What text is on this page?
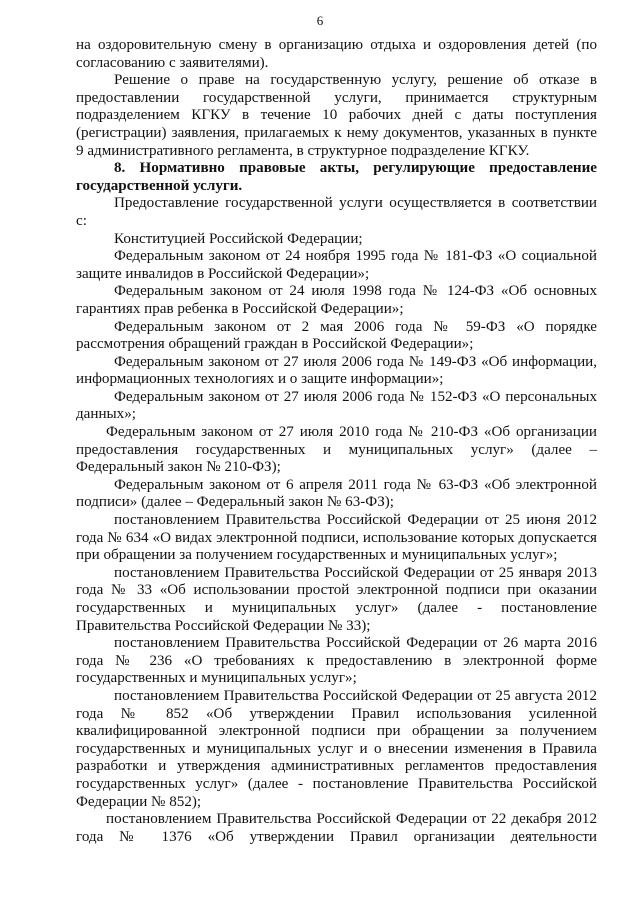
6

на оздоровительную смену в организацию отдыха и оздоровления детей (по согласованию с заявителями).

Решение о праве на государственную услугу, решение об отказе в предоставлении государственной услуги, принимается структурным подразделением КГКУ в течение 10 рабочих дней с даты поступления (регистрации) заявления, прилагаемых к нему документов, указанных в пункте 9 административного регламента, в структурное подразделение КГКУ.

8. Нормативно правовые акты, регулирующие предоставление государственной услуги.

Предоставление государственной услуги осуществляется в соответствии с:

Конституцией Российской Федерации;

Федеральным законом от 24 ноября 1995 года № 181-ФЗ «О социальной защите инвалидов в Российской Федерации»;

Федеральным законом от 24 июля 1998 года № 124-ФЗ «Об основных гарантиях прав ребенка в Российской Федерации»;

Федеральным законом от 2 мая 2006 года № 59-ФЗ «О порядке рассмотрения обращений граждан в Российской Федерации»;

Федеральным законом от 27 июля 2006 года № 149-ФЗ «Об информации, информационных технологиях и о защите информации»;

Федеральным законом от 27 июля 2006 года № 152-ФЗ «О персональных данных»;

Федеральным законом от 27 июля 2010 года № 210-ФЗ «Об организации предоставления государственных и муниципальных услуг» (далее – Федеральный закон № 210-ФЗ);

Федеральным законом от 6 апреля 2011 года № 63-ФЗ «Об электронной подписи» (далее – Федеральный закон № 63-ФЗ);

постановлением Правительства Российской Федерации от 25 июня 2012 года № 634 «О видах электронной подписи, использование которых допускается при обращении за получением государственных и муниципальных услуг»;

постановлением Правительства Российской Федерации от 25 января 2013 года № 33 «Об использовании простой электронной подписи при оказании государственных и муниципальных услуг» (далее - постановление Правительства Российской Федерации № 33);

постановлением Правительства Российской Федерации от 26 марта 2016 года № 236 «О требованиях к предоставлению в электронной форме государственных и муниципальных услуг»;

постановлением Правительства Российской Федерации от 25 августа 2012 года № 852 «Об утверждении Правил использования усиленной квалифицированной электронной подписи при обращении за получением государственных и муниципальных услуг и о внесении изменения в Правила разработки и утверждения административных регламентов предоставления государственных услуг» (далее - постановление Правительства Российской Федерации № 852);

постановлением Правительства Российской Федерации от 22 декабря 2012 года № 1376 «Об утверждении Правил организации деятельности
